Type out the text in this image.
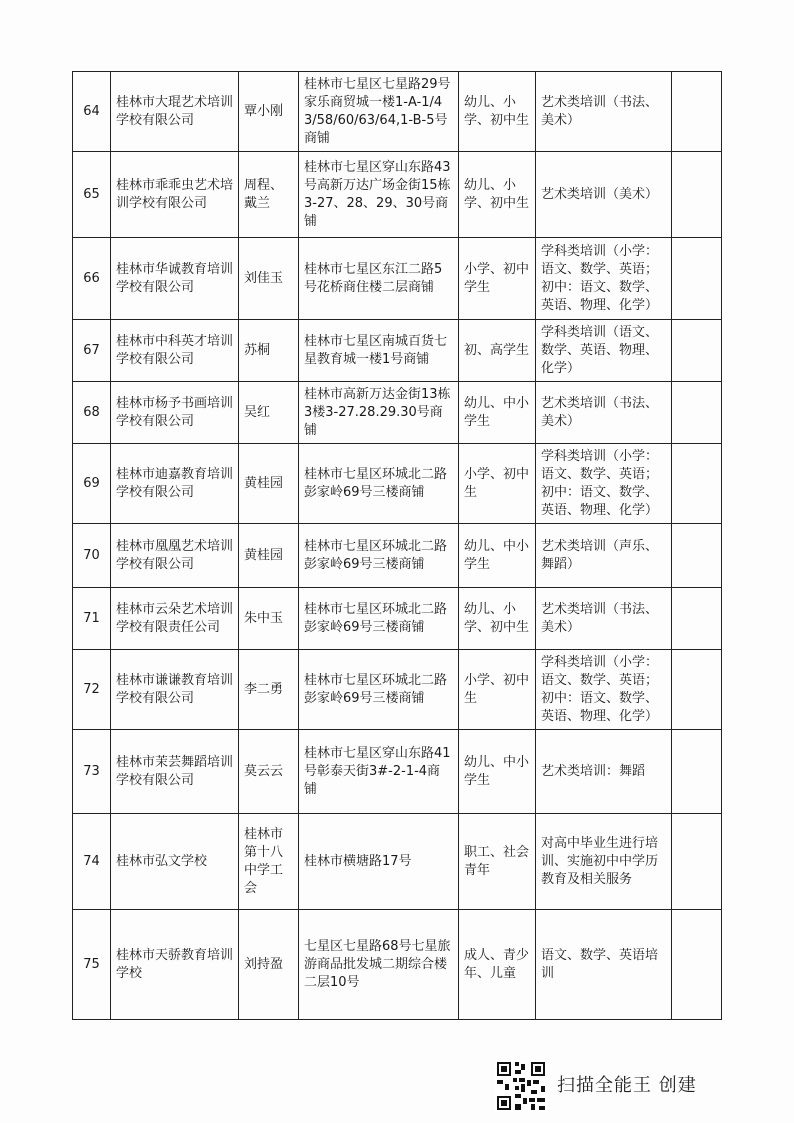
64	桂林市大琨艺术培训学校有限公司	覃小刚	桂林市七星区七星路29号家乐商贸城一楼1-A-1/43/58/60/63/64,1-B-5号商铺	幼儿、小学、初中生	艺术类培训（书法、美术）	
65	桂林市乖乖虫艺术培训学校有限公司	周程、戴兰	桂林市七星区穿山东路43号高新万达广场金街15栋3-27、28、29、30号商铺	幼儿、小学、初中生	艺术类培训（美术）	
66	桂林市华诚教育培训学校有限公司	刘佳玉	桂林市七星区东江二路5号花桥商住楼二层商铺	小学、初中学生	学科类培训（小学：语文、数学、英语；初中：语文、数学、英语、物理、化学）	
67	桂林市中科英才培训学校有限公司	苏桐	桂林市七星区南城百货七星教育城一楼1号商铺	初、高学生	学科类培训（语文、数学、英语、物理、化学）	
68	桂林市杨予书画培训学校有限公司	吴红	桂林市高新万达金街13栋3楼3-27.28.29.30号商铺	幼儿、中小学生	艺术类培训（书法、美术）	
69	桂林市迪嘉教育培训学校有限公司	黄桂园	桂林市七星区环城北二路彭家岭69号三楼商铺	小学、初中生	学科类培训（小学：语文、数学、英语；初中：语文、数学、英语、物理、化学）	
70	桂林市凰凰艺术培训学校有限公司	黄桂园	桂林市七星区环城北二路彭家岭69号三楼商铺	幼儿、中小学生	艺术类培训（声乐、舞蹈）	
71	桂林市云朵艺术培训学校有限责任公司	朱中玉	桂林市七星区环城北二路彭家岭69号三楼商铺	幼儿、小学、初中生	艺术类培训（书法、美术）	
72	桂林市谦谦教育培训学校有限公司	李二勇	桂林市七星区环城北二路彭家岭69号三楼商铺	小学、初中生	学科类培训（小学：语文、数学、英语；初中：语文、数学、英语、物理、化学）	
73	桂林市茉芸舞蹈培训学校有限公司	莫云云	桂林市七星区穿山东路41号彰泰天街3#-2-1-4商铺	幼儿、中小学生	艺术类培训：舞蹈	
74	桂林市弘文学校	桂林市第十八中学工会	桂林市横塘路17号	职工、社会青年	对高中毕业生进行培训、实施初中中学历教育及相关服务	
75	桂林市天骄教育培训学校	刘持盈	七星区七星路68号七星旅游商品批发城二期综合楼二层10号	成人、青少年、儿童	语文、数学、英语培训	
扫描全能王 创建
